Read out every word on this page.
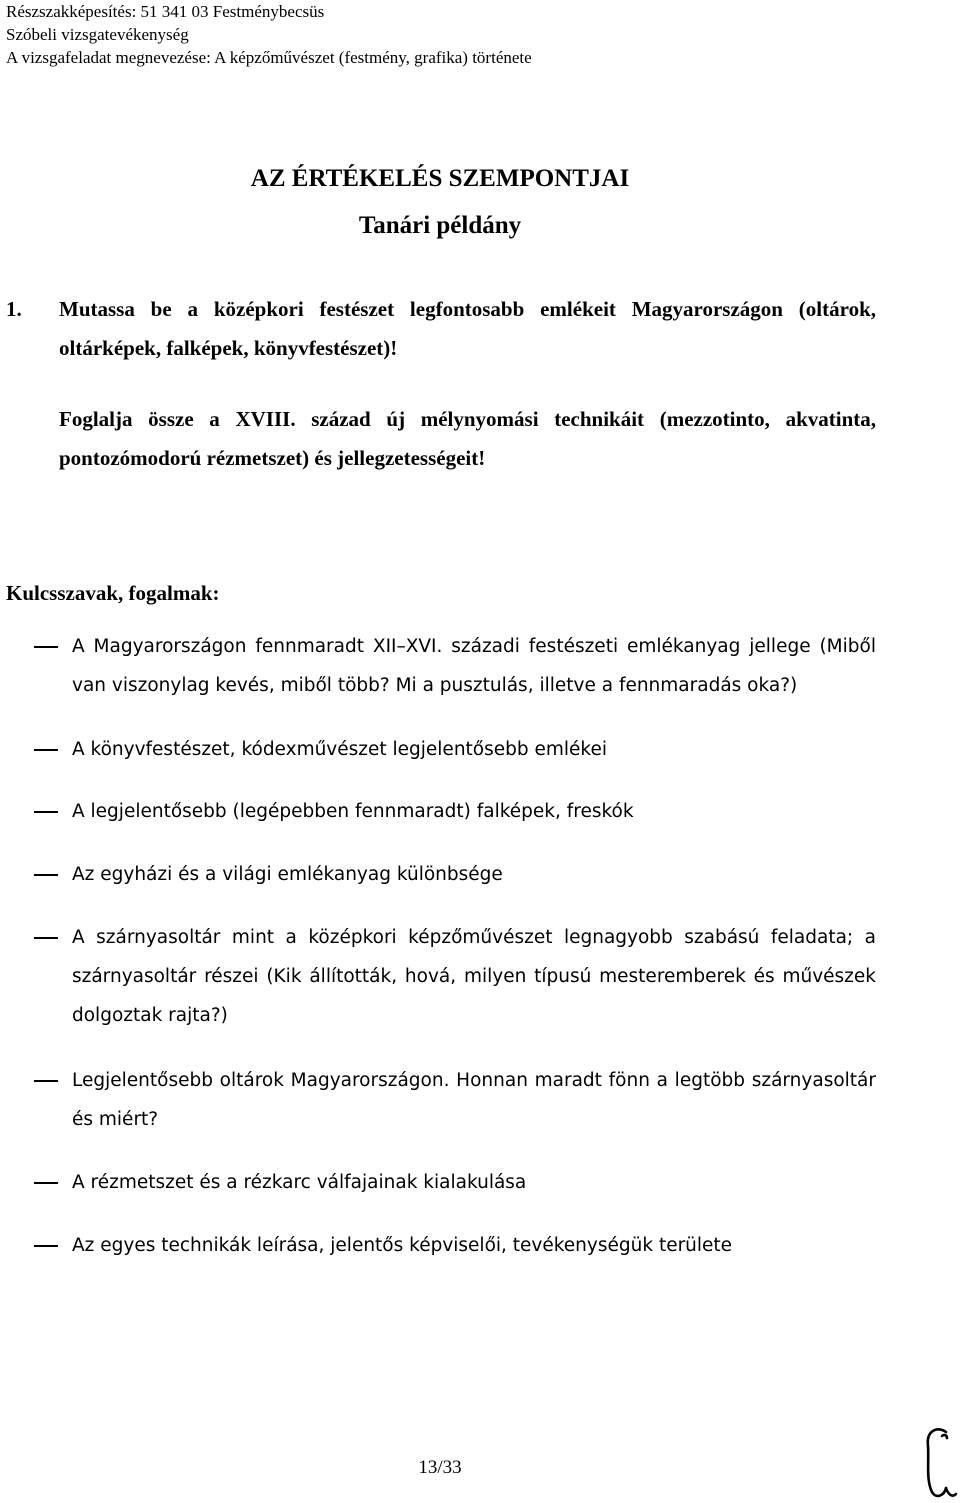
Részszakképesítés: 51 341 03 Festménybecsüs
Szóbeli vizsgatevékenység
A vizsgafeladat megnevezése: A képzőművészet (festmény, grafika) története
AZ ÉRTÉKELÉS SZEMPONTJAI
Tanári példány
1. Mutassa be a középkori festészet legfontosabb emlékeit Magyarországon (oltárok, oltárképek, falképek, könyvfestészet)!
Foglalja össze a XVIII. század új mélynyomási technikáit (mezzotinto, akvatinta, pontozómodorú rézmetszet) és jellegzetességeit!
Kulcsszavak, fogalmak:
A Magyarországon fennmaradt XII–XVI. századi festészeti emlékanyag jellege (Miből van viszonylag kevés, miből több? Mi a pusztulás, illetve a fennmaradás oka?)
A könyvfestészet, kódexművészet legjelentősebb emlékei
A legjelentősebb (legépebben fennmaradt) falképek, freskók
Az egyházi és a világi emlékanyag különbsége
A szárnyasoltár mint a középkori képzőművészet legnagyobb szabású feladata; a szárnyasoltár részei (Kik állították, hová, milyen típusú mesteremberek és művészek dolgoztak rajta?)
Legjelentősebb oltárok Magyarországon. Honnan maradt fönn a legtöbb szárnyasoltár és miért?
A rézmetszet és a rézkarc válfajainak kialakulása
Az egyes technikák leírása, jelentős képviselői, tevékenységük területe
13/33
